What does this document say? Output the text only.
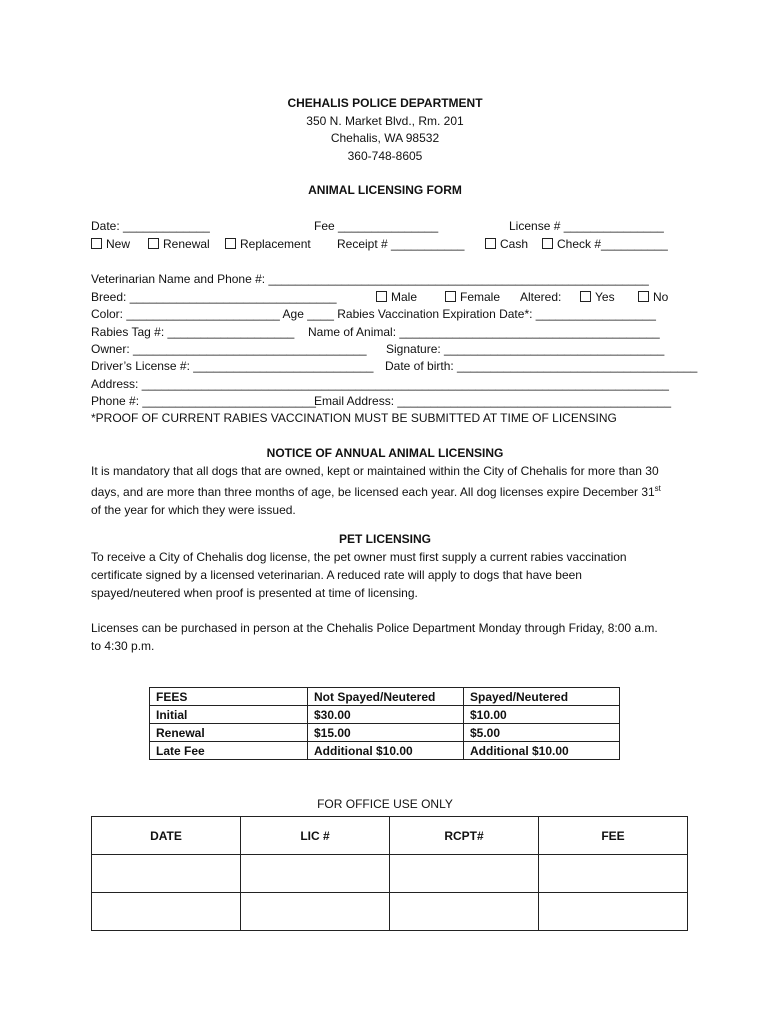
CHEHALIS POLICE DEPARTMENT
350 N. Market Blvd., Rm. 201
Chehalis, WA 98532
360-748-8605
ANIMAL LICENSING FORM
Date: _____________	Fee _______________	License # _______________
New	Renewal	Replacement Receipt # ___________	Cash	Check #__________
Veterinarian Name and Phone #: _________________________________________________________
Breed: _______________________________	Male	Female Altered:	Yes	No
Color: _______________________ Age ____ Rabies Vaccination Expiration Date*: __________________
Rabies Tag #: ___________________ Name of Animal: _______________________________________
Owner: ___________________________________ Signature: _________________________________
Driver’s License #: ___________________________ Date of birth: ____________________________________
Address: _______________________________________________________________________________
Phone #: __________________________
Email Address: _________________________________________
*PROOF OF CURRENT RABIES VACCINATION MUST BE SUBMITTED AT TIME OF LICENSING
NOTICE OF ANNUAL ANIMAL LICENSING
It is mandatory that all dogs that are owned, kept or maintained within the City of Chehalis for more than 30 days, and are more than three months of age, be licensed each year. All dog licenses expire December 31st of the year for which they were issued.
PET LICENSING
To receive a City of Chehalis dog license, the pet owner must first supply a current rabies vaccination certificate signed by a licensed veterinarian. A reduced rate will apply to dogs that have been spayed/neutered when proof is presented at time of licensing.
Licenses can be purchased in person at the Chehalis Police Department Monday through Friday, 8:00 a.m. to 4:30 p.m.
FEES	Not Spayed/Neutered	Spayed/Neutered
Initial	$30.00	$10.00
Renewal	$15.00	$5.00
Late Fee	Additional $10.00	Additional $10.00
FOR OFFICE USE ONLY
DATE	LIC #	RCPT#	FEE
